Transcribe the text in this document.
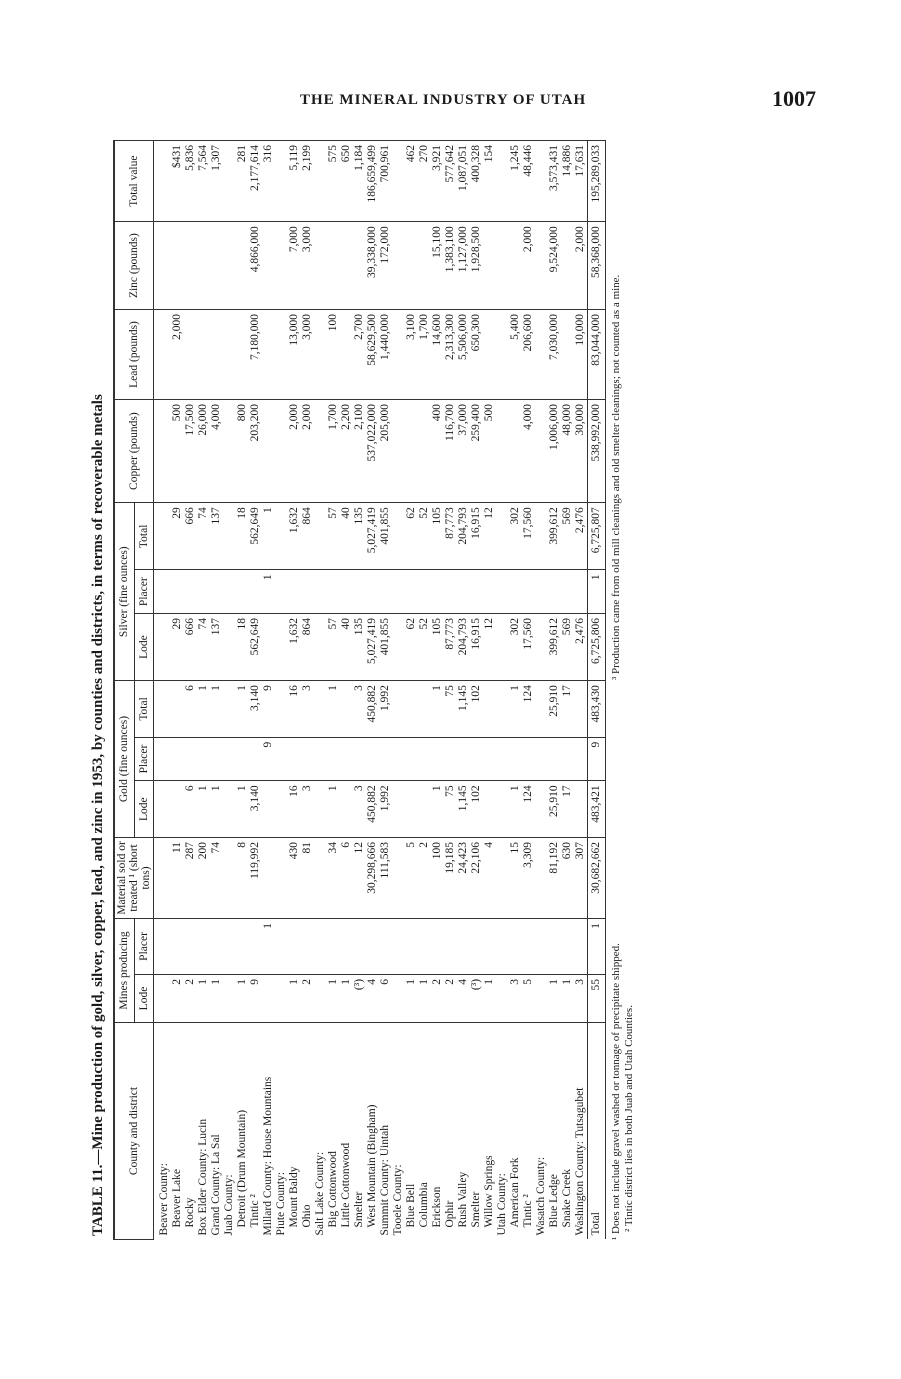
THE MINERAL INDUSTRY OF UTAH	1007
TABLE 11.—Mine production of gold, silver, copper, lead, and zinc in 1953, by counties and districts, in terms of recoverable metals County and district	Mines producing		Material sold or treated ¹ (short tons)	Gold (fine ounces)			Silver (fine ounces)			Copper (pounds)	Lead (pounds)	Zinc (pounds)	Total value
	Lode	Placer		Lode	Placer	Total	Lode	Placer	Total				
Beaver County:													
Beaver Lake	2		11				29		29	500	2,000		$431
Rocky	2		287	6		6	666		666	17,500			5,836
Box Elder County: Lucin	1		200	1		1	74		74	26,000			7,564
Grand County: La Sal	1		74	1		1	137		137	4,000			1,307
Juab County:													
Detroit (Drum Mountain)	1		8	1		1	18		18	800			281
Tintic ²	9		119,992	3,140		3,140	562,649		562,649	203,200	7,180,000	4,866,000	2,177,614
Millard County: House Mountains		1			9	9		1	1				316
Piute County:													
Mount Baldy	1		430	16		16	1,632		1,632	2,000	13,000	7,000	5,119
Ohio	2		81	3		3	864		864	2,000	3,000	3,000	2,199
Salt Lake County:													
Big Cottonwood	1		34	1		1	57		57	1,700	100		575
Little Cottonwood	1		6				40		40	2,200			650
Smelter	(³)		12	3		3	135		135	2,100	2,700		1,184
West Mountain (Bingham)	4		30,298,666	450,882		450,882	5,027,419		5,027,419	537,022,000	58,629,500	39,338,000	186,659,499
Summit County: Uintah	6		111,583	1,992		1,992	401,855		401,855	205,000	1,440,000	172,000	700,961
Tooele County:													
Blue Bell	1		5				62		62		3,100		462
Columbia	1		2				52		52		1,700		270
Erickson	2		100	1		1	105		105	400	14,600	15,100	3,921
Ophir	2		19,185	75		75	87,773		87,773	116,700	2,313,300	1,383,100	577,642
Rush Valley	4		24,423	1,145		1,145	204,793		204,793	37,000	5,506,000	1,127,000	1,087,051
Smelter	(³)		22,106	102		102	16,915		16,915	259,400	650,300	1,928,500	400,328
Willow Springs	1		4				12		12	500			154
Utah County:													
American Fork	3		15	1		1	302		302		5,400		1,245
Tintic ²	5		3,309	124		124	17,560		17,560	4,000	206,600	2,000	48,446
Wasatch County:													
Blue Ledge	1		81,192	25,910		25,910	399,612		399,612	1,006,000	7,030,000	9,524,000	3,573,431
Snake Creek	1		630	17		17	569		569	48,000			14,886
Washington County: Tutsagubet	3		307				2,476		2,476	30,000	10,000	2,000	17,631
Total	55	1	30,682,662	483,421	9	483,430	6,725,806	1	6,725,807	538,992,000	83,044,000	58,368,000	195,289,033
¹ Does not include gravel washed or tonnage of precipitate shipped. ² Tintic district lies in both Juab and Utah Counties.
³ Production came from old mill cleanings and old smelter cleanings; not counted as a mine.
